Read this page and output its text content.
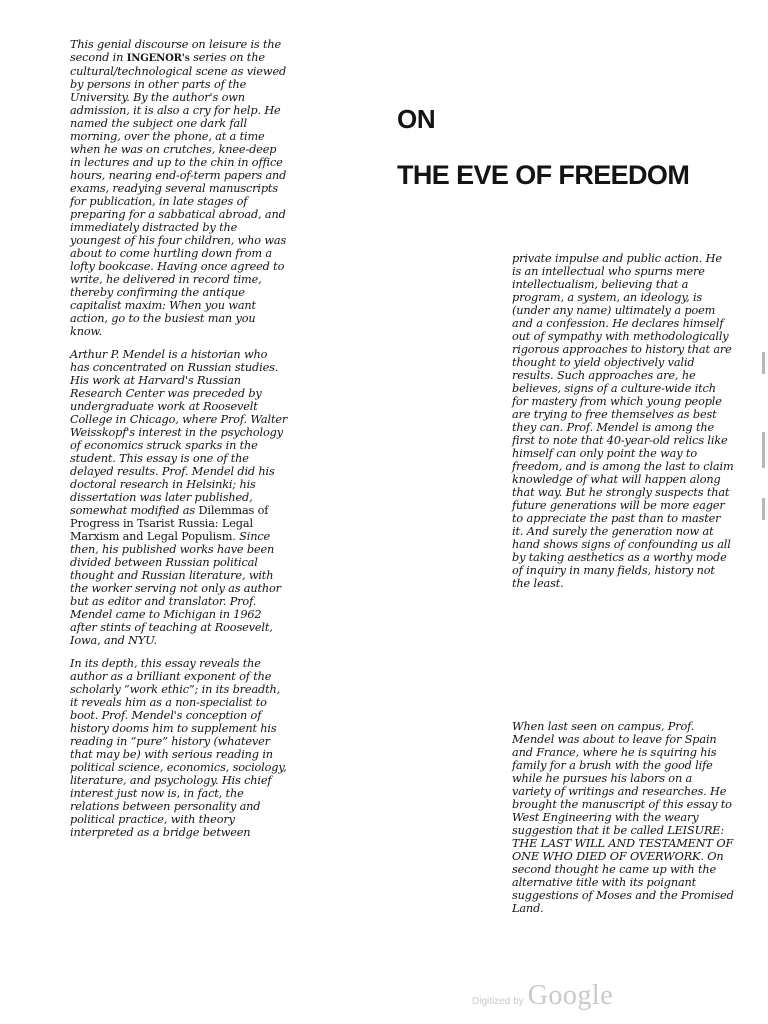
This genial discourse on leisure is the second in INGENOR's series on the cultural/technological scene as viewed by persons in other parts of the University. By the author's own admission, it is also a cry for help. He named the subject one dark fall morning, over the phone, at a time when he was on crutches, knee-deep in lectures and up to the chin in office hours, nearing end-of-term papers and exams, readying several manuscripts for publication, in late stages of preparing for a sabbatical abroad, and immediately distracted by the youngest of his four children, who was about to come hurtling down from a lofty bookcase. Having once agreed to write, he delivered in record time, thereby confirming the antique capitalist maxim: When you want action, go to the busiest man you know.

Arthur P. Mendel is a historian who has concentrated on Russian studies. His work at Harvard's Russian Research Center was preceded by undergraduate work at Roosevelt College in Chicago, where Prof. Walter Weisskopf's interest in the psychology of economics struck sparks in the student. This essay is one of the delayed results. Prof. Mendel did his doctoral research in Helsinki; his dissertation was later published, somewhat modified as Dilemmas of Progress in Tsarist Russia: Legal Marxism and Legal Populism. Since then, his published works have been divided between Russian political thought and Russian literature, with the worker serving not only as author but as editor and translator. Prof. Mendel came to Michigan in 1962 after stints of teaching at Roosevelt, Iowa, and NYU.

In its depth, this essay reveals the author as a brilliant exponent of the scholarly “work ethic”; in its breadth, it reveals him as a non-specialist to boot. Prof. Mendel's conception of history dooms him to supplement his reading in “pure” history (whatever that may be) with serious reading in political science, economics, sociology, literature, and psychology. His chief interest just now is, in fact, the relations between personality and political practice, with theory interpreted as a bridge between

ON
THE EVE OF FREEDOM

private impulse and public action. He is an intellectual who spurns mere intellectualism, believing that a program, a system, an ideology, is (under any name) ultimately a poem and a confession. He declares himself out of sympathy with methodologically rigorous approaches to history that are thought to yield objectively valid results. Such approaches are, he believes, signs of a culture-wide itch for mastery from which young people are trying to free themselves as best they can. Prof. Mendel is among the first to note that 40-year-old relics like himself can only point the way to freedom, and is among the last to claim knowledge of what will happen along that way. But he strongly suspects that future generations will be more eager to appreciate the past than to master it. And surely the generation now at hand shows signs of confounding us all by taking aesthetics as a worthy mode of inquiry in many fields, history not the least.

When last seen on campus, Prof. Mendel was about to leave for Spain and France, where he is squiring his family for a brush with the good life while he pursues his labors on a variety of writings and researches. He brought the manuscript of this essay to West Engineering with the weary suggestion that it be called LEISURE: THE LAST WILL AND TESTAMENT OF ONE WHO DIED OF OVERWORK. On second thought he came up with the alternative title with its poignant suggestions of Moses and the Promised Land.

Digitized by Google
